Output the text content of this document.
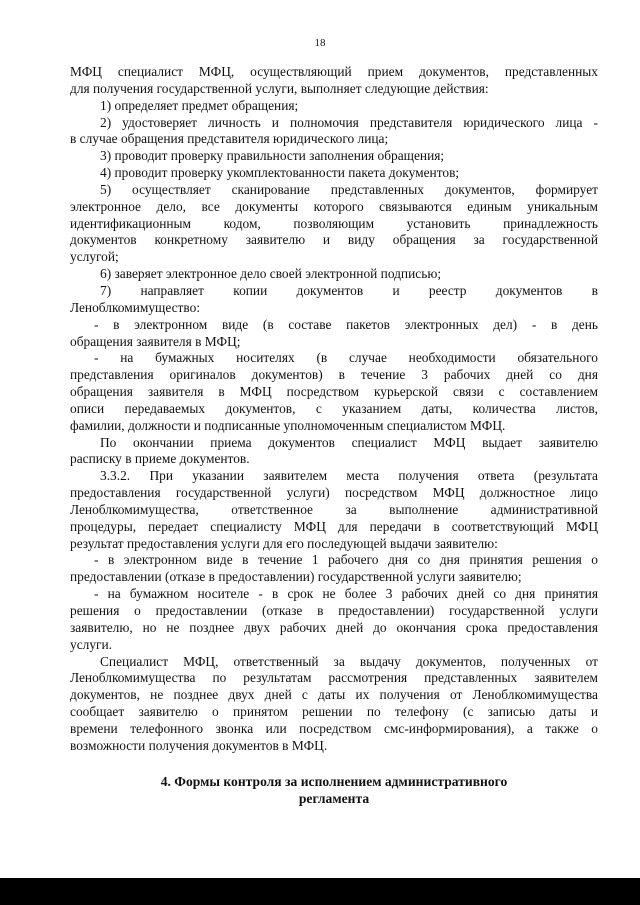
18
МФЦ специалист МФЦ, осуществляющий прием документов, представленных
для получения государственной услуги, выполняет следующие действия:
1) определяет предмет обращения;
2) удостоверяет личность и полномочия представителя юридического лица -
в случае обращения представителя юридического лица;
3) проводит проверку правильности заполнения обращения;
4) проводит проверку укомплектованности пакета документов;
5) осуществляет сканирование представленных документов, формирует
электронное дело, все документы которого связываются единым уникальным
идентификационным кодом, позволяющим установить принадлежность
документов конкретному заявителю и виду обращения за государственной
услугой;
6) заверяет электронное дело своей электронной подписью;
7) направляет копии документов и реестр документов в
Леноблкомимущество:
- в электронном виде (в составе пакетов электронных дел) - в день
обращения заявителя в МФЦ;
- на бумажных носителях (в случае необходимости обязательного
представления оригиналов документов) в течение 3 рабочих дней со дня
обращения заявителя в МФЦ посредством курьерской связи с составлением
описи передаваемых документов, с указанием даты, количества листов,
фамилии, должности и подписанные уполномоченным специалистом МФЦ.
По окончании приема документов специалист МФЦ выдает заявителю
расписку в приеме документов.
3.3.2. При указании заявителем места получения ответа (результата
предоставления государственной услуги) посредством МФЦ должностное лицо
Леноблкомимущества, ответственное за выполнение административной
процедуры, передает специалисту МФЦ для передачи в соответствующий МФЦ
результат предоставления услуги для его последующей выдачи заявителю:
- в электронном виде в течение 1 рабочего дня со дня принятия решения о
предоставлении (отказе в предоставлении) государственной услуги заявителю;
- на бумажном носителе - в срок не более 3 рабочих дней со дня принятия
решения о предоставлении (отказе в предоставлении) государственной услуги
заявителю, но не позднее двух рабочих дней до окончания срока предоставления
услуги.
Специалист МФЦ, ответственный за выдачу документов, полученных от
Леноблкомимущества по результатам рассмотрения представленных заявителем
документов, не позднее двух дней с даты их получения от Леноблкомимущества
сообщает заявителю о принятом решении по телефону (с записью даты и
времени телефонного звонка или посредством смс-информирования), а также о
возможности получения документов в МФЦ.
4. Формы контроля за исполнением административного
регламента
